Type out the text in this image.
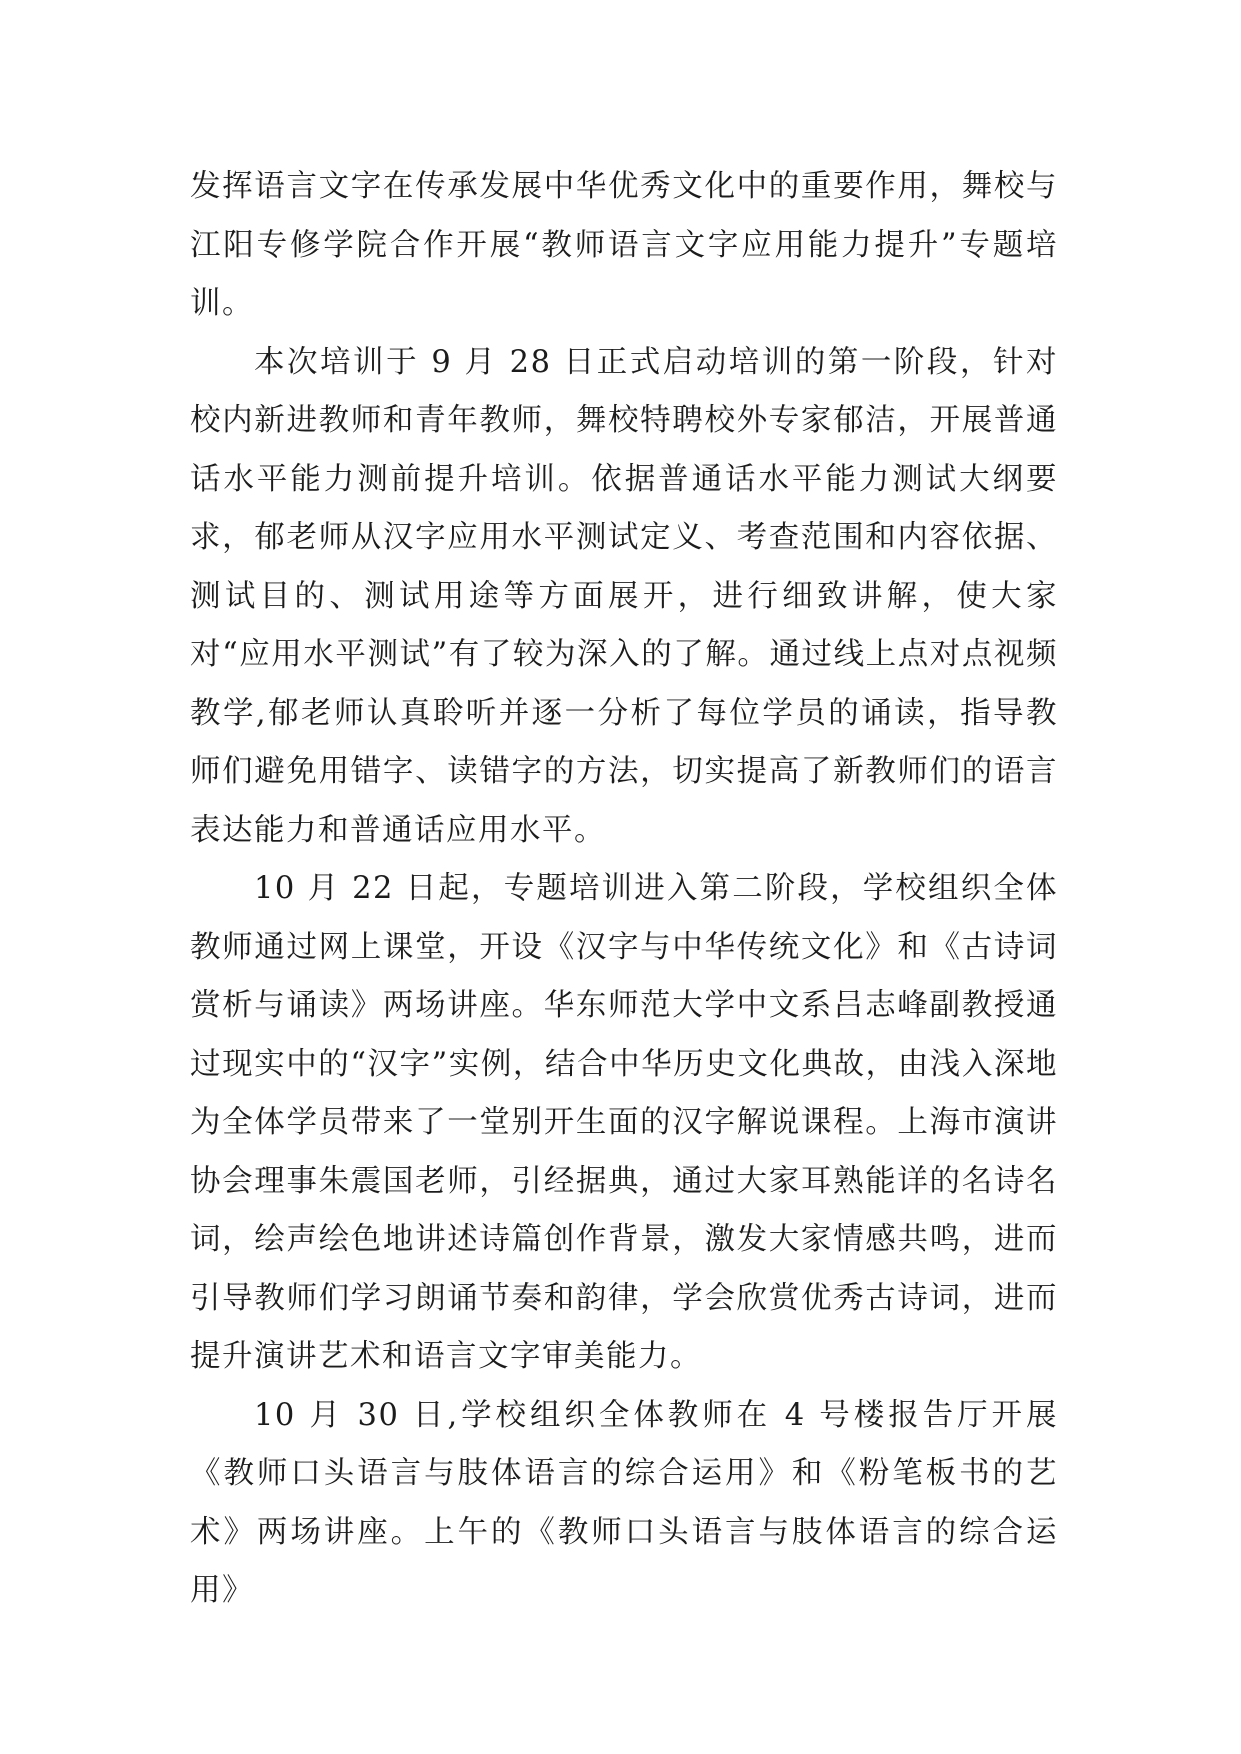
发挥语言文字在传承发展中华优秀文化中的重要作用，舞校与江阳专修学院合作开展“教师语言文字应用能力提升”专题培训。

本次培训于 9 月 28 日正式启动培训的第一阶段，针对校内新进教师和青年教师，舞校特聘校外专家郁洁，开展普通话水平能力测前提升培训。依据普通话水平能力测试大纲要求，郁老师从汉字应用水平测试定义、考查范围和内容依据、测试目的、测试用途等方面展开，进行细致讲解，使大家对“应用水平测试”有了较为深入的了解。通过线上点对点视频教学,郁老师认真聆听并逐一分析了每位学员的诵读，指导教师们避免用错字、读错字的方法，切实提高了新教师们的语言表达能力和普通话应用水平。

10 月 22 日起，专题培训进入第二阶段，学校组织全体教师通过网上课堂，开设《汉字与中华传统文化》和《古诗词赏析与诵读》两场讲座。华东师范大学中文系吕志峰副教授通过现实中的“汉字”实例，结合中华历史文化典故，由浅入深地为全体学员带来了一堂别开生面的汉字解说课程。上海市演讲协会理事朱震国老师，引经据典，通过大家耳熟能详的名诗名词，绘声绘色地讲述诗篇创作背景，激发大家情感共鸣，进而引导教师们学习朗诵节奏和韵律，学会欣赏优秀古诗词，进而提升演讲艺术和语言文字审美能力。

10 月 30 日,学校组织全体教师在 4 号楼报告厅开展《教师口头语言与肢体语言的综合运用》和《粉笔板书的艺术》两场讲座。上午的《教师口头语言与肢体语言的综合运用》
